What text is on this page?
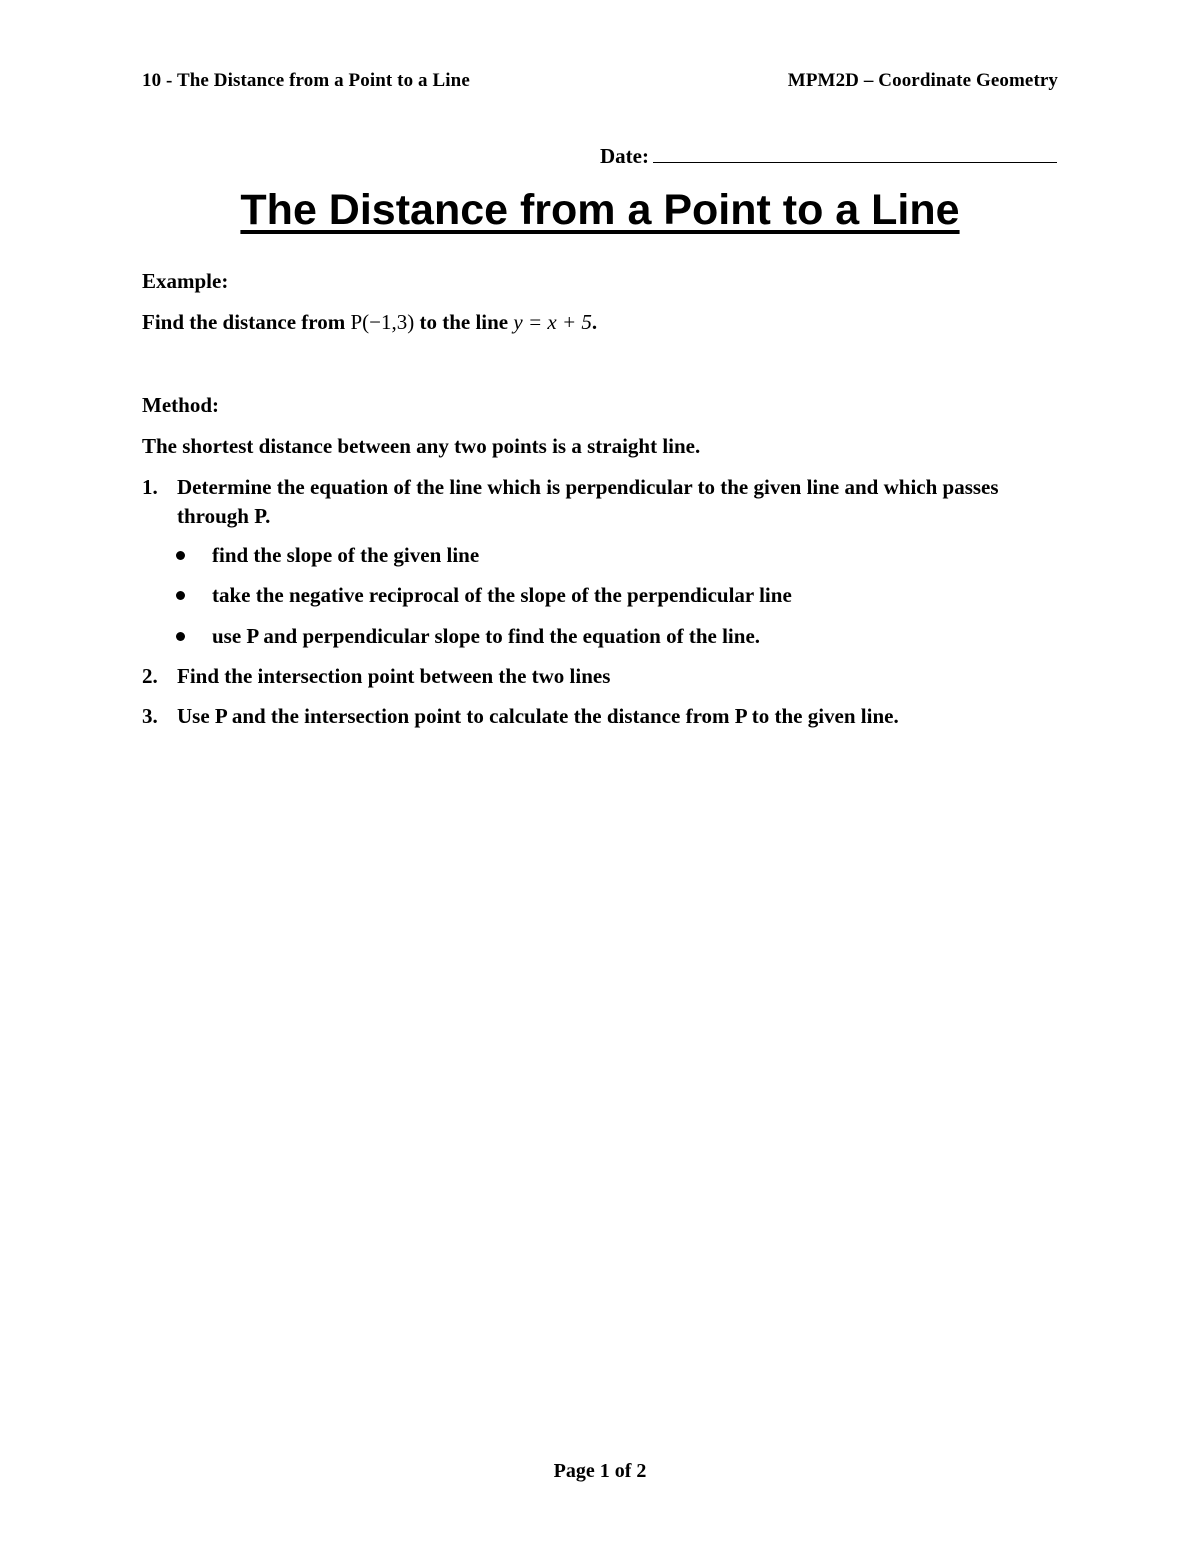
10 - The Distance from a Point to a Line	MPM2D – Coordinate Geometry
Date:
The Distance from a Point to a Line
Example:
Find the distance from P(−1,3) to the line y = x + 5.
Method:
The shortest distance between any two points is a straight line.
1. Determine the equation of the line which is perpendicular to the given line and which passes through P.
find the slope of the given line
take the negative reciprocal of the slope of the perpendicular line
use P and perpendicular slope to find the equation of the line.
2. Find the intersection point between the two lines
3. Use P and the intersection point to calculate the distance from P to the given line.
Page 1 of 2
